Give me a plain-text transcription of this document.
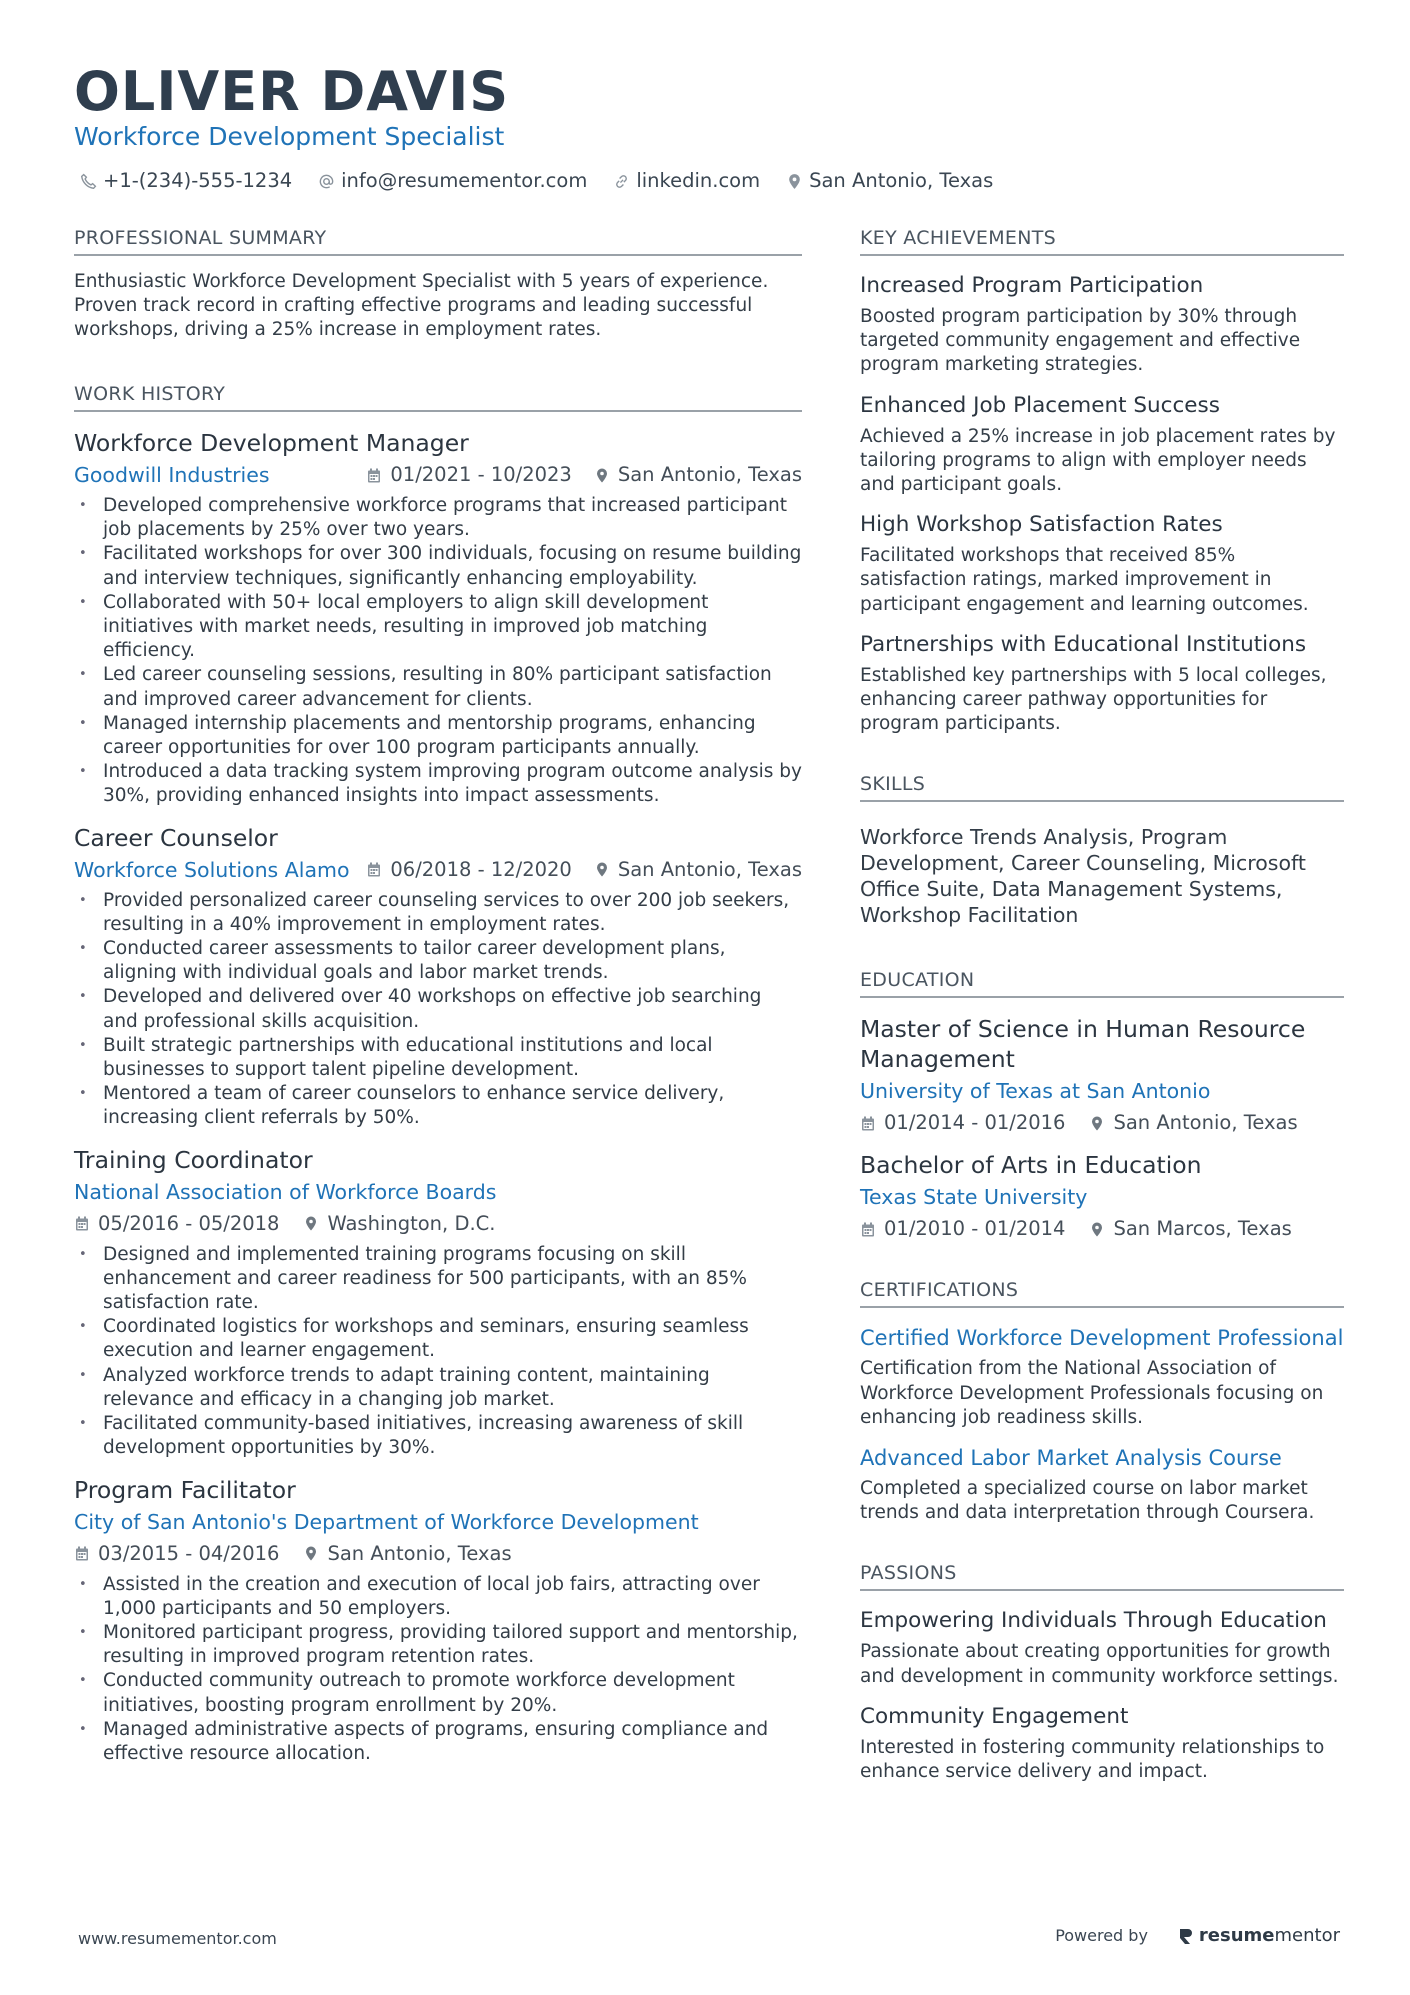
OLIVER DAVIS
Workforce Development Specialist
+1-(234)-555-1234	info@resumementor.com	linkedin.com	San Antonio, Texas
PROFESSIONAL SUMMARY
Enthusiastic Workforce Development Specialist with 5 years of experience. Proven track record in crafting effective programs and leading successful workshops, driving a 25% increase in employment rates.
WORK HISTORY
Workforce Development Manager
Goodwill Industries	01/2021 - 10/2023 San Antonio, Texas
• Developed comprehensive workforce programs that increased participant job placements by 25% over two years.
• Facilitated workshops for over 300 individuals, focusing on resume building and interview techniques, significantly enhancing employability.
• Collaborated with 50+ local employers to align skill development initiatives with market needs, resulting in improved job matching efficiency.
• Led career counseling sessions, resulting in 80% participant satisfaction and improved career advancement for clients.
• Managed internship placements and mentorship programs, enhancing career opportunities for over 100 program participants annually.
• Introduced a data tracking system improving program outcome analysis by 30%, providing enhanced insights into impact assessments.
Career Counselor
Workforce Solutions Alamo 06/2018 - 12/2020 San Antonio, Texas
• Provided personalized career counseling services to over 200 job seekers, resulting in a 40% improvement in employment rates.
• Conducted career assessments to tailor career development plans, aligning with individual goals and labor market trends.
• Developed and delivered over 40 workshops on effective job searching and professional skills acquisition.
• Built strategic partnerships with educational institutions and local businesses to support talent pipeline development.
• Mentored a team of career counselors to enhance service delivery, increasing client referrals by 50%.
Training Coordinator
National Association of Workforce Boards
05/2016 - 05/2018 Washington, D.C.
• Designed and implemented training programs focusing on skill enhancement and career readiness for 500 participants, with an 85% satisfaction rate.
• Coordinated logistics for workshops and seminars, ensuring seamless execution and learner engagement.
• Analyzed workforce trends to adapt training content, maintaining relevance and efficacy in a changing job market.
• Facilitated community-based initiatives, increasing awareness of skill development opportunities by 30%.
Program Facilitator
City of San Antonio's Department of Workforce Development
03/2015 - 04/2016 San Antonio, Texas
• Assisted in the creation and execution of local job fairs, attracting over 1,000 participants and 50 employers.
• Monitored participant progress, providing tailored support and mentorship, resulting in improved program retention rates.
• Conducted community outreach to promote workforce development initiatives, boosting program enrollment by 20%.
• Managed administrative aspects of programs, ensuring compliance and effective resource allocation.
KEY ACHIEVEMENTS
Increased Program Participation
Boosted program participation by 30% through targeted community engagement and effective program marketing strategies.
Enhanced Job Placement Success
Achieved a 25% increase in job placement rates by tailoring programs to align with employer needs and participant goals.
High Workshop Satisfaction Rates
Facilitated workshops that received 85% satisfaction ratings, marked improvement in participant engagement and learning outcomes.
Partnerships with Educational Institutions
Established key partnerships with 5 local colleges, enhancing career pathway opportunities for program participants.
SKILLS
Workforce Trends Analysis, Program Development, Career Counseling, Microsoft Office Suite, Data Management Systems, Workshop Facilitation
EDUCATION
Master of Science in Human Resource Management
University of Texas at San Antonio
01/2014 - 01/2016 San Antonio, Texas
Bachelor of Arts in Education
Texas State University
01/2010 - 01/2014 San Marcos, Texas
CERTIFICATIONS
Certified Workforce Development Professional
Certification from the National Association of Workforce Development Professionals focusing on enhancing job readiness skills.
Advanced Labor Market Analysis Course
Completed a specialized course on labor market trends and data interpretation through Coursera.
PASSIONS
Empowering Individuals Through Education
Passionate about creating opportunities for growth and development in community workforce settings.
Community Engagement
Interested in fostering community relationships to enhance service delivery and impact.
www.resumementor.com	Powered by	resumementor
